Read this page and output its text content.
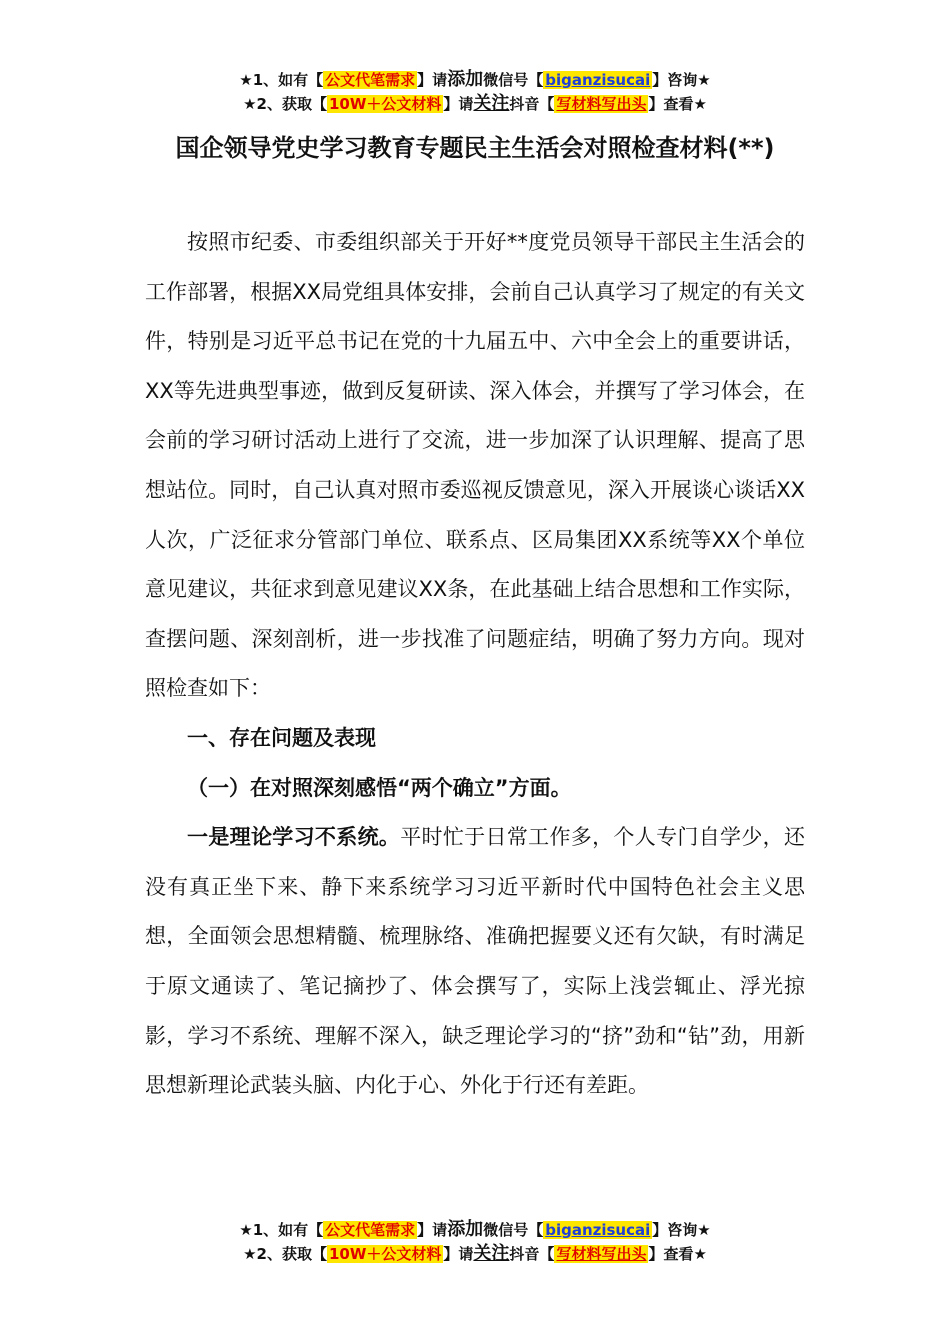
★1、如有【 公文代笔需求 】请添加微信号【 biganzisucai 】咨询★
★2、获取【 10W＋公文材料 】请关注抖音【 写材料写出头 】查看★
国企领导党史学习教育专题民主生活会对照检查材料(**)

按照市纪委、市委组织部关于开好**度党员领导干部民主生活会的工作部署，根据XX局党组具体安排，会前自己认真学习了规定的有关文件，特别是习近平总书记在党的十九届五中、六中全会上的重要讲话，XX等先进典型事迹，做到反复研读、深入体会，并撰写了学习体会，在会前的学习研讨活动上进行了交流，进一步加深了认识理解、提高了思想站位。同时，自己认真对照市委巡视反馈意见，深入开展谈心谈话XX人次，广泛征求分管部门单位、联系点、区局集团XX系统等XX个单位意见建议，共征求到意见建议XX条，在此基础上结合思想和工作实际，查摆问题、深刻剖析，进一步找准了问题症结，明确了努力方向。现对照检查如下：

一、存在问题及表现

（一）在对照深刻感悟“两个确立”方面。

一是理论学习不系统。平时忙于日常工作多，个人专门自学少，还没有真正坐下来、静下来系统学习习近平新时代中国特色社会主义思想，全面领会思想精髓、梳理脉络、准确把握要义还有欠缺，有时满足于原文通读了、笔记摘抄了、体会撰写了，实际上浅尝辄止、浮光掠影，学习不系统、理解不深入，缺乏理论学习的“挤”劲和“钻”劲，用新思想新理论武装头脑、内化于心、外化于行还有差距。

★1、如有【 公文代笔需求 】请添加微信号【 biganzisucai 】咨询★
★2、获取【 10W＋公文材料 】请关注抖音【 写材料写出头 】查看★
